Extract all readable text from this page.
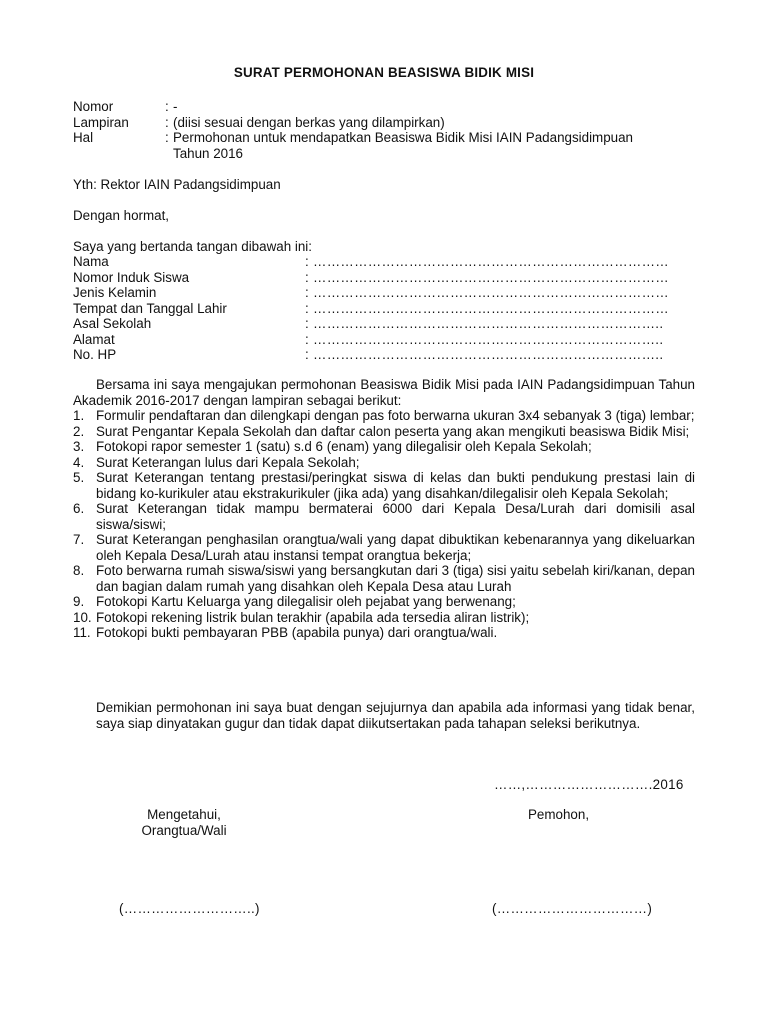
SURAT PERMOHONAN BEASISWA BIDIK MISI
Nomor	: -
Lampiran	: (diisi sesuai dengan berkas yang dilampirkan)
Hal	: Permohonan untuk mendapatkan Beasiswa Bidik Misi IAIN Padangsidimpuan
Tahun 2016
Yth: Rektor IAIN Padangsidimpuan
Dengan hormat,
Saya yang bertanda tangan dibawah ini:
Nama	: ……………………………………………………………………
Nomor Induk Siswa	: ……………………………………………………………………
Jenis Kelamin	: ……………………………………………………………………
Tempat dan Tanggal Lahir	: ……………………………………………………………………
Asal Sekolah	: …………………………………………………………………..
Alamat	: …………………………………………………………………..
No. HP	: …………………………………………………………………..
Bersama ini saya mengajukan permohonan Beasiswa Bidik Misi pada IAIN Padangsidimpuan Tahun Akademik 2016-2017 dengan lampiran sebagai berikut:
1. Formulir pendaftaran dan dilengkapi dengan pas foto berwarna ukuran 3x4 sebanyak 3 (tiga) lembar;
2. Surat Pengantar Kepala Sekolah dan daftar calon peserta yang akan mengikuti beasiswa Bidik Misi;
3. Fotokopi rapor semester 1 (satu) s.d 6 (enam) yang dilegalisir oleh Kepala Sekolah;
4. Surat Keterangan lulus dari Kepala Sekolah;
5. Surat Keterangan tentang prestasi/peringkat siswa di kelas dan bukti pendukung prestasi lain di bidang ko-kurikuler atau ekstrakurikuler (jika ada) yang disahkan/dilegalisir oleh Kepala Sekolah;
6. Surat Keterangan tidak mampu bermaterai 6000 dari Kepala Desa/Lurah dari domisili asal siswa/siswi;
7. Surat Keterangan penghasilan orangtua/wali yang dapat dibuktikan kebenarannya yang dikeluarkan oleh Kepala Desa/Lurah atau instansi tempat orangtua bekerja;
8. Foto berwarna rumah siswa/siswi yang bersangkutan dari 3 (tiga) sisi yaitu sebelah kiri/kanan, depan dan bagian dalam rumah yang disahkan oleh Kepala Desa atau Lurah
9. Fotokopi Kartu Keluarga yang dilegalisir oleh pejabat yang berwenang;
10. Fotokopi rekening listrik bulan terakhir (apabila ada tersedia aliran listrik);
11. Fotokopi bukti pembayaran PBB (apabila punya) dari orangtua/wali.
Demikian permohonan ini saya buat dengan sejujurnya dan apabila ada informasi yang tidak benar, saya siap dinyatakan gugur dan tidak dapat diikutsertakan pada tahapan seleksi berikutnya.
……,……………………….2016
Mengetahui,
Orangtua/Wali
Pemohon,
(………………………..)	(……………………………)
